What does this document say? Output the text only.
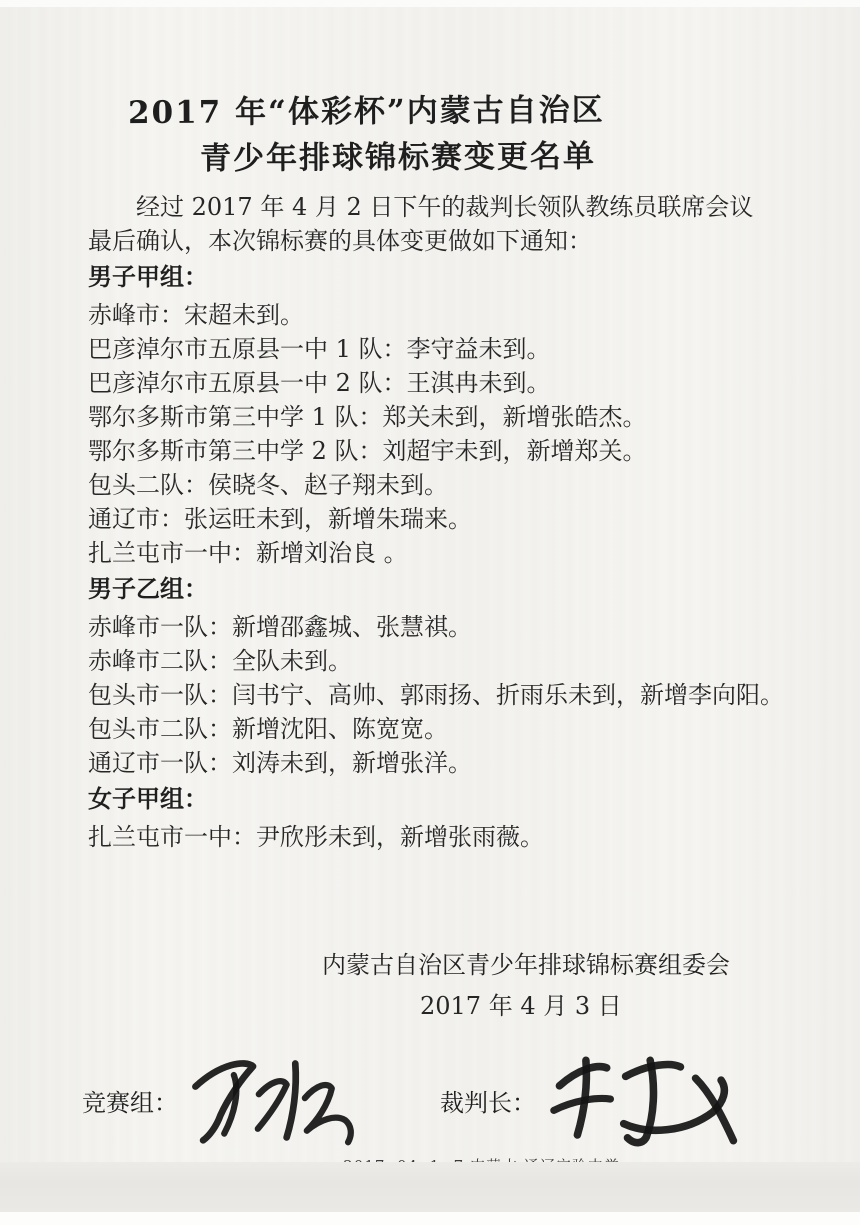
2017 年“体彩杯”内蒙古自治区
青少年排球锦标赛变更名单
经过 2017 年 4 月 2 日下午的裁判长领队教练员联席会议
最后确认，本次锦标赛的具体变更做如下通知：
男子甲组：
赤峰市：宋超未到。
巴彦淖尔市五原县一中 1 队：李守益未到。
巴彦淖尔市五原县一中 2 队：王淇冉未到。
鄂尔多斯市第三中学 1 队：郑关未到，新增张皓杰。
鄂尔多斯市第三中学 2 队：刘超宇未到，新增郑关。
包头二队：侯晓冬、赵子翔未到。
通辽市：张运旺未到，新增朱瑞来。
扎兰屯市一中：新增刘治良 。
男子乙组：
赤峰市一队：新增邵鑫城、张慧祺。
赤峰市二队：全队未到。
包头市一队：闫书宁、高帅、郭雨扬、折雨乐未到，新增李向阳。
包头市二队：新增沈阳、陈宽宽。
通辽市一队：刘涛未到，新增张洋。
女子甲组：
扎兰屯市一中：尹欣彤未到，新增张雨薇。
内蒙古自治区青少年排球锦标赛组委会
2017 年 4 月 3 日
竞赛组：	裁判长：
